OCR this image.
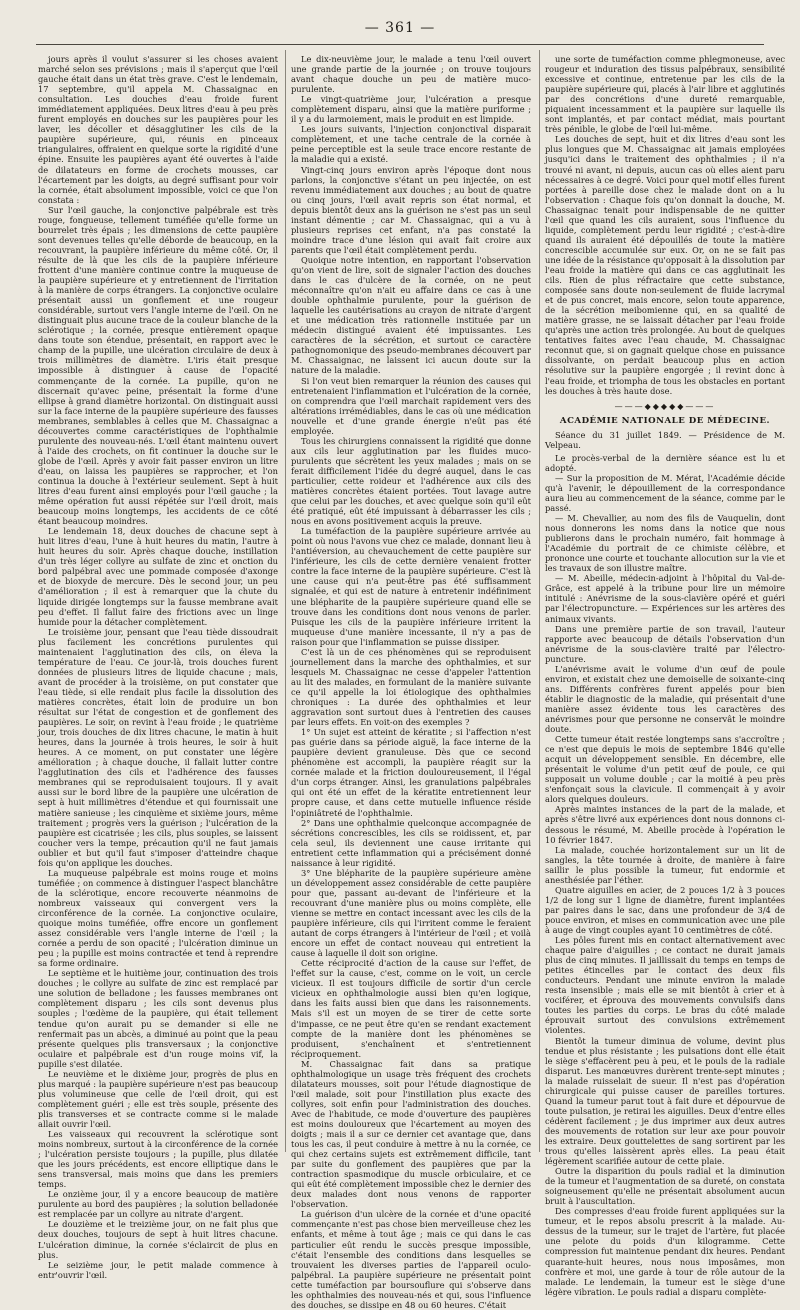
— 361 —

jours après il voulut s'assurer si les choses avaient marché selon ses prévisions ; mais il s'aperçut que l'œil gauche était dans un état très grave. C'est le lendemain, 17 septembre, qu'il appela M. Chassaignac en consultation. Les douches d'eau froide furent immédiatement appliquées. Deux litres d'eau à peu près furent employés en douches sur les paupières pour les laver, les décoller et désagglutiner les cils de la paupière supérieure, qui, réunis en pinceaux triangulaires, offraient en quelque sorte la rigidité d'une épine. Ensuite les paupières ayant été ouvertes à l'aide de dilatateurs en forme de crochets mousses, car l'écartement par les doigts, au degré suffisant pour voir la cornée, était absolument impossible, voici ce que l'on constata :

Sur l'œil gauche, la conjonctive palpébrale est très rouge, fongueuse, tellement tuméfiée qu'elle forme un bourrelet très épais ; les dimensions de cette paupière sont devenues telles qu'elle déborde de beaucoup, en la recouvrant, la paupière inférieure du même côté. Or, il résulte de là que les cils de la paupière inférieure frottent d'une manière continue contre la muqueuse de la paupière supérieure et y entretiennent de l'irritation à la manière de corps étrangers. La conjonctive oculaire présentait aussi un gonflement et une rougeur considérable, surtout vers l'angle interne de l'œil. On ne distinguait plus aucune trace de la couleur blanche de la sclérotique ; la cornée, presque entièrement opaque dans toute son étendue, présentait, en rapport avec le champ de la pupille, une ulcération circulaire de deux à trois millimètres de diamètre. L'iris était presque impossible à distinguer à cause de l'opacité commençante de la cornée. La pupille, qu'on ne discernait qu'avec peine, présentait la forme d'une ellipse à grand diamètre horizontal. On distinguait aussi sur la face interne de la paupière supérieure des fausses membranes, semblables à celles que M. Chassaignac a découvertes comme caractéristiques de l'ophthalmie purulente des nouveau-nés. L'œil étant maintenu ouvert à l'aide des crochets, on fit continuer la douche sur le globe de l'œil. Après y avoir fait passer environ un litre d'eau, on laissa les paupières se rapprocher, et l'on continua la douche à l'extérieur seulement. Sept à huit litres d'eau furent ainsi employés pour l'œil gauche ; la même opération fut aussi répétée sur l'œil droit, mais beaucoup moins longtemps, les accidents de ce côté étant beaucoup moindres.

Le lendemain 18, deux douches de chacune sept à huit litres d'eau, l'une à huit heures du matin, l'autre à huit heures du soir. Après chaque douche, instillation d'un très léger collyre au sulfate de zinc et onction du bord palpébral avec une pommade composée d'axonge et de bioxyde de mercure. Dès le second jour, un peu d'amélioration ; il est à remarquer que la chute du liquide dirigée longtemps sur la fausse membrane avait peu d'effet. Il fallut faire des frictions avec un linge humide pour la détacher complètement.

Le troisième jour, pensant que l'eau tiède dissoudrait plus facilement les concrétions purulentes qui maintenaient l'agglutination des cils, on éleva la température de l'eau. Ce jour-là, trois douches furent données de plusieurs litres de liquide chacune ; mais, avant de procéder à la troisième, on put constater que l'eau tiède, si elle rendait plus facile la dissolution des matières concrètes, était loin de produire un bon résultat sur l'état de congestion et de gonflement des paupières. Le soir, on revint à l'eau froide ; le quatrième jour, trois douches de dix litres chacune, le matin à huit heures, dans la journée à trois heures, le soir à huit heures. A ce moment, on put constater une légère amélioration ; à chaque douche, il fallait lutter contre l'agglutination des cils et l'adhérence des fausses membranes qui se reproduisaient toujours. Il y avait aussi sur le bord libre de la paupière une ulcération de sept à huit millimètres d'étendue et qui fournissait une matière sanieuse ; les cinquième et sixième jours, même traitement ; progrès vers la guérison ; l'ulcération de la paupière est cicatrisée ; les cils, plus souples, se laissent coucher vers la tempe, précaution qu'il ne faut jamais oublier et but qu'il faut s'imposer d'atteindre chaque fois qu'on applique les douches.

La muqueuse palpébrale est moins rouge et moins tuméfiée ; on commence à distinguer l'aspect blanchâtre de la sclérotique, encore recouverte néanmoins de nombreux vaisseaux qui convergent vers la circonférence de la cornée. La conjonctive oculaire, quoique moins tuméfiée, offre encore un gonflement assez considérable vers l'angle interne de l'œil ; la cornée a perdu de son opacité ; l'ulcération diminue un peu ; la pupille est moins contractée et tend à reprendre sa forme ordinaire.

Le septième et le huitième jour, continuation des trois douches ; le collyre au sulfate de zinc est remplacé par une solution de belladone ; les fausses membranes ont complètement disparu ; les cils sont devenus plus souples ; l'œdème de la paupière, qui était tellement tendue qu'on aurait pu se demander si elle ne renfermait pas un abcès, a diminué au point que la peau présente quelques plis transversaux ; la conjonctive oculaire et palpébrale est d'un rouge moins vif, la pupille s'est dilatée.

Le neuvième et le dixième jour, progrès de plus en plus marqué : la paupière supérieure n'est pas beaucoup plus volumineuse que celle de l'œil droit, qui est complètement guéri ; elle est très souple, présente des plis transverses et se contracte comme si le malade allait ouvrir l'œil.

Les vaisseaux qui recouvrent la sclérotique sont moins nombreux, surtout à la circonférence de la cornée ; l'ulcération persiste toujours ; la pupille, plus dilatée que les jours précédents, est encore elliptique dans le sens transversal, mais moins que dans les premiers temps.

Le onzième jour, il y a encore beaucoup de matière purulente au bord des paupières ; la solution belladonée est remplacée par un collyre au nitrate d'argent.

Le douzième et le treizième jour, on ne fait plus que deux douches, toujours de sept à huit litres chacune. L'ulcération diminue, la cornée s'éclaircit de plus en plus.

Le seizième jour, le petit malade commence à entr'ouvrir l'œil.

Le dix-neuvième jour, le malade a tenu l'œil ouvert une grande partie de la journée ; on trouve toujours avant chaque douche un peu de matière muco-purulente.

Le vingt-quatrième jour, l'ulcération a presque complètement disparu, ainsi que la matière puriforme ; il y a du larmoiement, mais le produit en est limpide.

Les jours suivants, l'injection conjonctival disparait complètement, et une tache centrale de la cornée à peine perceptible est la seule trace encore restante de la maladie qui a existé.

Vingt-cinq jours environ après l'époque dont nous parlons, la conjonctive s'étant un peu injectée, on est revenu immédiatement aux douches ; au bout de quatre ou cinq jours, l'œil avait repris son état normal, et depuis bientôt deux ans la guérison ne s'est pas un seul instant démentie ; car M. Chassaignac, qui a vu à plusieurs reprises cet enfant, n'a pas constaté la moindre trace d'une lésion qui avait fait croire aux parents que l'œil était complètement perdu.

Quoique notre intention, en rapportant l'observation qu'on vient de lire, soit de signaler l'action des douches dans le cas d'ulcère de la cornée, on ne peut méconnaître qu'on n'ait eu affaire dans ce cas à une double ophthalmie purulente, pour la guérison de laquelle les cautérisations au crayon de nitrate d'argent et une médication très rationnelle instituée par un médecin distingué avaient été impuissantes. Les caractères de la sécrétion, et surtout ce caractère pathognomonique des pseudo-membranes découvert par M. Chassaignac, ne laissent ici aucun doute sur la nature de la maladie.

Si l'on veut bien remarquer la réunion des causes qui entretenaient l'inflammation et l'ulcération de la cornée, on comprendra que l'œil marchait rapidement vers des altérations irrémédiables, dans le cas où une médication nouvelle et d'une grande énergie n'eût pas été employée.

Tous les chirurgiens connaissent la rigidité que donne aux cils leur agglutination par les fluides muco-purulents que sécrètent les yeux malades ; mais on se ferait difficilement l'idée du degré auquel, dans le cas particulier, cette roideur et l'adhérence aux cils des matières concrètes étaient portées. Tout lavage autre que celui par les douches, et avec quelque soin qu'il eût été pratiqué, eût été impuissant à débarrasser les cils ; nous en avons positivement acquis la preuve.

La tuméfaction de la paupière supérieure arrivée au point où nous l'avons vue chez ce malade, donnant lieu à l'antiéversion, au chevauchement de cette paupière sur l'inférieure, les cils de cette dernière venaient frotter contre la face interne de la paupière supérieure. C'est là une cause qui n'a peut-être pas été suffisamment signalée, et qui est de nature à entretenir indéfiniment une blépharite de la paupière supérieure quand elle se trouve dans les conditions dont nous venons de parler. Puisque les cils de la paupière inférieure irritent la muqueuse d'une manière incessante, il n'y a pas de raison pour que l'inflammation se puisse dissiper.

C'est là un de ces phénomènes qui se reproduisent journellement dans la marche des ophthalmies, et sur lesquels M. Chassaignac ne cesse d'appeler l'attention au lit des malades, en formulant de la manière suivante ce qu'il appelle la loi étiologique des ophthalmies chroniques : La durée des ophthalmies et leur aggravation sont surtout dues à l'entretien des causes par leurs effets. En voit-on des exemples ?

1° Un sujet est atteint de kératite ; si l'affection n'est pas guérie dans sa période aiguë, la face interne de la paupière devient granuleuse. Dès que ce second phénomène est accompli, la paupière réagit sur la cornée malade et la friction douloureusement, il l'égal d'un corps étranger. Ainsi, les granulations palpébrales qui ont été un effet de la kératite entretiennent leur propre cause, et dans cette mutuelle influence réside l'opiniâtreté de l'ophthalmie.

2° Dans une ophthalmie quelconque accompagnée de sécrétions concrescibles, les cils se roidissent, et, par cela seul, ils deviennent une cause irritante qui entretient cette inflammation qui a précisément donné naissance à leur rigidité.

3° Une blépharite de la paupière supérieure amène un développement assez considérable de cette paupière pour que, passant au-devant de l'inférieure et la recouvrant d'une manière plus ou moins complète, elle vienne se mettre en contact incessant avec les cils de la paupière inférieure, cils qui l'irritent comme le feraient autant de corps étrangers à l'intérieur de l'œil ; et voilà encore un effet de contact nouveau qui entretient la cause à laquelle il doit son origine.

Cette réciprocité d'action de la cause sur l'effet, de l'effet sur la cause, c'est, comme on le voit, un cercle vicieux. Il est toujours difficile de sortir d'un cercle vicieux en ophthalmologie aussi bien qu'en logique, dans les faits aussi bien que dans les raisonnements. Mais s'il est un moyen de se tirer de cette sorte d'impasse, ce ne peut être qu'en se rendant exactement compte de la manière dont les phénomènes se produisent, s'enchaînent et s'entretiennent réciproquement.

M. Chassaignac fait dans sa pratique ophthalmologique un usage très fréquent des crochets dilatateurs mousses, soit pour l'étude diagnostique de l'œil malade, soit pour l'instillation plus exacte des collyres, soit enfin pour l'administration des douches. Avec de l'habitude, ce mode d'ouverture des paupières est moins douloureux que l'écartement au moyen des doigts ; mais il a sur ce dernier cet avantage que, dans tous les cas, il peut conduire à mettre à nu la cornée, ce qui chez certains sujets est extrêmement difficile, tant par suite du gonflement des paupières que par la contraction spasmodique du muscle orbiculaire, et ce qui eût été complètement impossible chez le dernier des deux malades dont nous venons de rapporter l'observation.

La guérison d'un ulcère de la cornée et d'une opacité commençante n'est pas chose bien merveilleuse chez les enfants, et même à tout âge ; mais ce qui dans le cas particulier eût rendu le succès presque impossible, c'était l'ensemble des conditions dans lesquelles se trouvaient les diverses parties de l'appareil oculo-palpébral. La paupière supérieure ne présentait point cette tuméfaction par boursouflure qui s'observe dans les ophthalmies des nouveau-nés et qui, sous l'influence des douches, se dissipe en 48 ou 60 heures. C'était

une sorte de tuméfaction comme phlegmoneuse, avec rougeur et induration des tissus palpébraux, sensibilité excessive et continue, entretenue par les cils de la paupière supérieure qui, placés à l'air libre et agglutinés par des concrétions d'une dureté remarquable, piquaient incessamment et la paupière sur laquelle ils sont implantés, et par contact médiat, mais pourtant très pénible, le globe de l'œil lui-même.

Les douches de sept, huit et dix litres d'eau sont les plus longues que M. Chassaignac ait jamais employées jusqu'ici dans le traitement des ophthalmies ; il n'a trouvé ni avant, ni depuis, aucun cas où elles aient paru nécessaires à ce degré. Voici pour quel motif elles furent portées à pareille dose chez le malade dont on a lu l'observation : Chaque fois qu'on donnait la douche, M. Chassaignac tenait pour indispensable de ne quitter l'œil que quand les cils auraient, sous l'influence du liquide, complètement perdu leur rigidité ; c'est-à-dire quand ils auraient été dépouillés de toute la matière concrescible accumulée sur eux. Or, on ne se fait pas une idée de la résistance qu'opposait à la dissolution par l'eau froide la matière qui dans ce cas agglutinait les cils. Rien de plus réfractaire que cette substance, composée sans doute non-seulement de fluide lacrymal et de pus concret, mais encore, selon toute apparence, de la sécrétion meibomienne qui, en sa qualité de matière grasse, ne se laissait détacher par l'eau froide qu'après une action très prolongée. Au bout de quelques tentatives faites avec l'eau chaude, M. Chassaignac reconnut que, si on gagnait quelque chose en puissance dissolvante, on perdait beaucoup plus en action résolutive sur la paupière engorgée ; il revint donc à l'eau froide, et triompha de tous les obstacles en portant les douches à très haute dose.

———◆◆◆◆◆———
ACADÉMIE NATIONALE DE MÉDECINE.

Séance du 31 juillet 1849. — Présidence de M. Velpeau.

Le procès-verbal de la dernière séance est lu et adopté.

— Sur la proposition de M. Mérat, l'Académie décide qu'à l'avenir, le dépouillement de la correspondance aura lieu au commencement de la séance, comme par le passé.

— M. Chevallier, au nom des fils de Vauquelin, dont nous donnerons les noms dans la notice que nous publierons dans le prochain numéro, fait hommage à l'Académie du portrait de ce chimiste célèbre, et prononce une courte et touchante allocution sur la vie et les travaux de son illustre maître.

— M. Abeille, médecin-adjoint à l'hôpital du Val-de-Grâce, est appelé à la tribune pour lire un mémoire intitulé : Anévrisme de la sous-clavière opéré et guéri par l'électropuncture. — Expériences sur les artères des animaux vivants.

Dans une première partie de son travail, l'auteur rapporte avec beaucoup de détails l'observation d'un anévrisme de la sous-clavière traité par l'électro-puncture.

L'anévrisme avait le volume d'un œuf de poule environ, et existait chez une demoiselle de soixante-cinq ans. Différents confrères furent appelés pour bien établir le diagnostic de la maladie, qui présentait d'une manière assez évidente tous les caractères des anévrismes pour que personne ne conservât le moindre doute.

Cette tumeur était restée longtemps sans s'accroître ; ce n'est que depuis le mois de septembre 1846 qu'elle acquit un développement sensible. En décembre, elle présentait le volume d'un petit œuf de poule, ce qui supposait un volume double ; car la moitié à peu près s'enfonçait sous la clavicule. Il commençait à y avoir alors quelques douleurs.

Après maintes instances de la part de la malade, et après s'être livré aux expériences dont nous donnons ci-dessous le résumé, M. Abeille procède à l'opération le 10 février 1847.

La malade, couchée horizontalement sur un lit de sangles, la tête tournée à droite, de manière à faire saillir le plus possible la tumeur, fut endormie et anesthésiée par l'éther.

Quatre aiguilles en acier, de 2 pouces 1/2 à 3 pouces 1/2 de long sur 1 ligne de diamètre, furent implantées par paires dans le sac, dans une profondeur de 3/4 de pouce environ, et mises en communication avec une pile à auge de vingt couples ayant 10 centimètres de côté.

Les pôles furent mis en contact alternativement avec chaque paire d'aiguilles ; ce contact ne durait jamais plus de cinq minutes. Il jaillissait du temps en temps de petites étincelles par le contact des deux fils conducteurs. Pendant une minute environ la malade resta insensible ; mais elle se mit bientôt à crier et à vociférer, et éprouva des mouvements convulsifs dans toutes les parties du corps. Le bras du côté malade éprouvait surtout des convulsions extrêmement violentes.

Bientôt la tumeur diminua de volume, devint plus tendue et plus résistante ; les pulsations dont elle était le siège s'effacèrent peu à peu, et le pouls de la radiale disparut. Les manœuvres durèrent trente-sept minutes ; la malade ruisselait de sueur. Il n'est pas d'opération chirurgicale qui puisse causer de pareilles tortures. Quand la tumeur parut tout à fait dure et dépourvue de toute pulsation, je retirai les aiguilles. Deux d'entre elles cédèrent facilement ; je dus imprimer aux deux autres des mouvements de rotation sur leur axe pour pouvoir les extraire. Deux gouttelettes de sang sortirent par les trous qu'elles laissèrent après elles. La peau était légèrement scarifiée autour de cette plaie.

Outre la disparition du pouls radial et la diminution de la tumeur et l'augmentation de sa dureté, on constata soigneusement qu'elle ne présentait absolument aucun bruit à l'auscultation.

Des compresses d'eau froide furent appliquées sur la tumeur, et le repos absolu prescrit à la malade. Au-dessus de la tumeur, sur le trajet de l'artère, fut placée une pelote du poids d'un kilogramme. Cette compression fut maintenue pendant dix heures. Pendant quarante-huit heures, nous nous imposâmes, mon confrère et moi, une garde à tour de rôle autour de la malade. Le lendemain, la tumeur est le siège d'une légère vibration. Le pouls radial a disparu complète-
